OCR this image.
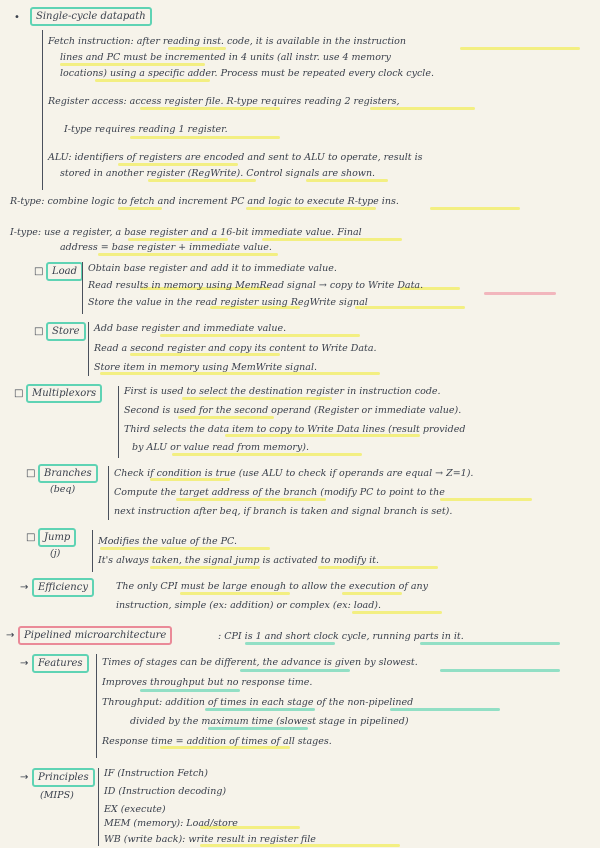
•	Single-cycle datapath
Fetch instruction: after reading inst. code, it is available in the instruction
lines and PC must be incremented in 4 units (all instr. use 4 memory
locations) using a specific adder. Process must be repeated every clock cycle.
Register access: access register file. R-type requires reading 2 registers,
I-type requires reading 1 register.
ALU: identifiers of registers are encoded and sent to ALU to operate, result is
stored in another register (RegWrite). Control signals are shown.
R-type: combine logic to fetch and increment PC and logic to execute R-type ins.
I-type: use a register, a base register and a 16-bit immediate value. Final
address = base register + immediate value.
□ Load	Obtain base register and add it to immediate value.
Read results in memory using MemRead signal → copy to Write Data.
Store the value in the read register using RegWrite signal
□ Store	Add base register and immediate value.
Read a second register and copy its content to Write Data.
Store item in memory using MemWrite signal.
□ Multiplexors	First is used to select the destination register in instruction code.
Second is used for the second operand (Register or immediate value).
Third selects the data item to copy to Write Data lines (result provided
by ALU or value read from memory).
□ Branches
(beq)
Check if condition is true (use ALU to check if operands are equal → Z=1).
Compute the target address of the branch (modify PC to point to the
next instruction after beq, if branch is taken and signal branch is set).
□ Jump
(j)
Modifies the value of the PC.
It's always taken, the signal jump is activated to modify it.
→ Efficiency	The only CPI must be large enough to allow the execution of any
instruction, simple (ex: addition) or complex (ex: load).
→ Pipelined microarchitecture	: CPI is 1 and short clock cycle, running parts in it.
→ Features	Times of stages can be different, the advance is given by slowest.
Improves throughput but no response time.
Throughput: addition of times in each stage of the non-pipelined
divided by the maximum time (slowest stage in pipelined)
Response time = addition of times of all stages.
→ Principles
(MIPS)
IF (Instruction Fetch)
ID (Instruction decoding)
EX (execute)
MEM (memory): Load/store
WB (write back): write result in register file
